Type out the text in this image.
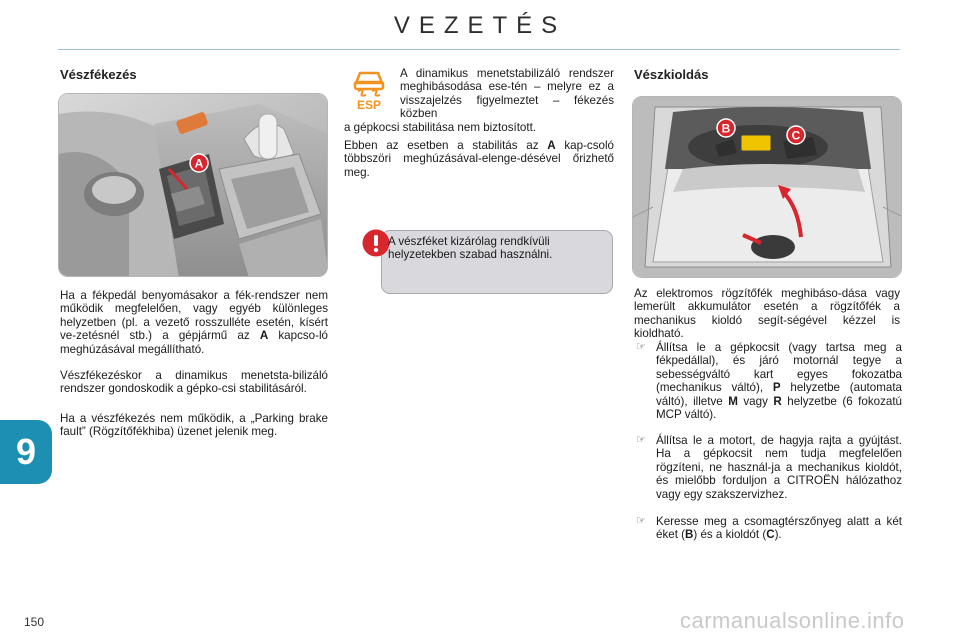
VEZETÉS
Vészfékezés
A
Ha a fékpedál benyomásakor a fék-rendszer nem működik megfelelően, vagy egyéb különleges helyzetben (pl. a vezető rosszulléte esetén, kísért ve-zetésnél stb.) a gépjármű az A kapcso-ló meghúzásával megállítható.
Vészfékezéskor a dinamikus menetsta-bilizáló rendszer gondoskodik a gépko-csi stabilitásáról.
Ha a vészfékezés nem működik, a „Parking brake fault” (Rögzítőfékhiba) üzenet jelenik meg.
ESP
A dinamikus menetstabilizáló rendszer meghibásodása ese-tén – melyre ez a visszajelzés figyelmeztet – fékezés közben
a gépkocsi stabilitása nem biztosított.
Ebben az esetben a stabilitás az A kap-csoló többszöri meghúzásával-elenge-désével őrizhető meg.
A vészféket kizárólag rendkívüli helyzetekben szabad használni.
Vészkioldás
B	C
Az elektromos rögzítőfék meghibáso-dása vagy lemerült akkumulátor esetén a rögzítőfék a mechanikus kioldó segít-ségével kézzel is kioldható.
☞ Állítsa le a gépkocsit (vagy tartsa meg a fékpedállal), és járó motornál tegye a sebességváltó kart egyes fokozatba (mechanikus váltó), P helyzetbe (automata váltó), illetve M vagy R helyzetbe (6 fokozatú MCP váltó).
☞ Állítsa le a motort, de hagyja rajta a gyújtást. Ha a gépkocsit nem tudja megfelelően rögzíteni, ne használ-ja a mechanikus kioldót, és mielőbb forduljon a CITROËN hálózathoz vagy egy szakszervizhez.
☞ Keresse meg a csomagtérszőnyeg alatt a két éket (B) és a kioldót (C).
9
150	carmanualsonline.info
